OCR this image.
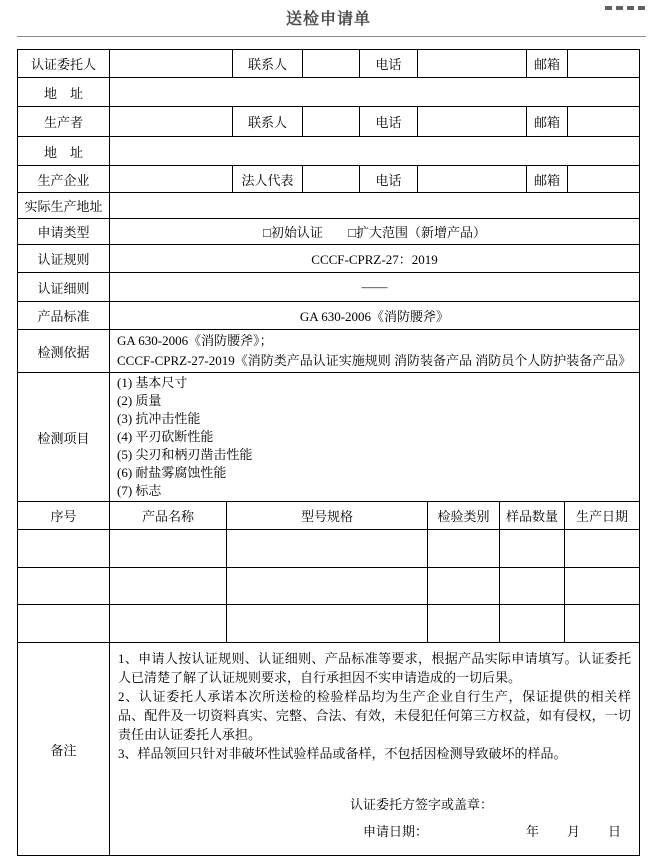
送检申请单
认证委托人		联系人		电话		邮箱	
地　址							
生产者		联系人		电话		邮箱	
地　址							
生产企业		法人代表		电话		邮箱	
实际生产地址							
申请类型	□初始认证 □扩大范围（新增产品）						
认证规则	CCCF-CPRZ-27：2019						
认证细则	——						
产品标准	GA 630-2006《消防腰斧》						
检测依据	GA 630-2006《消防腰斧》；
CCCF-CPRZ-27-2019《消防类产品认证实施规则 消防装备产品 消防员个人防护装备产品》						

检测项目	
(1) 基本尺寸
(2) 质量
(3) 抗冲击性能
(4) 平刃砍断性能
(5) 尖刃和柄刃凿击性能
(6) 耐盐雾腐蚀性能
(7) 标志
序号	产品名称	型号规格	检验类别	样品数量	生产日期

备注	

1、申请人按认证规则、认证细则、产品标准等要求，根据产品实际申请填写。认证委托人已清楚了解了认证规则要求，自行承担因不实申请造成的一切后果。

2、认证委托人承诺本次所送检的检验样品均为生产企业自行生产，保证提供的相关样品、配件及一切资料真实、完整、合法、有效，未侵犯任何第三方权益，如有侵权，一切责任由认证委托人承担。

3、样品领回只针对非破坏性试验样品或备样，不包括因检测导致破坏的样品。

认证委托方签字或盖章：
申请日期：	年 月 日
